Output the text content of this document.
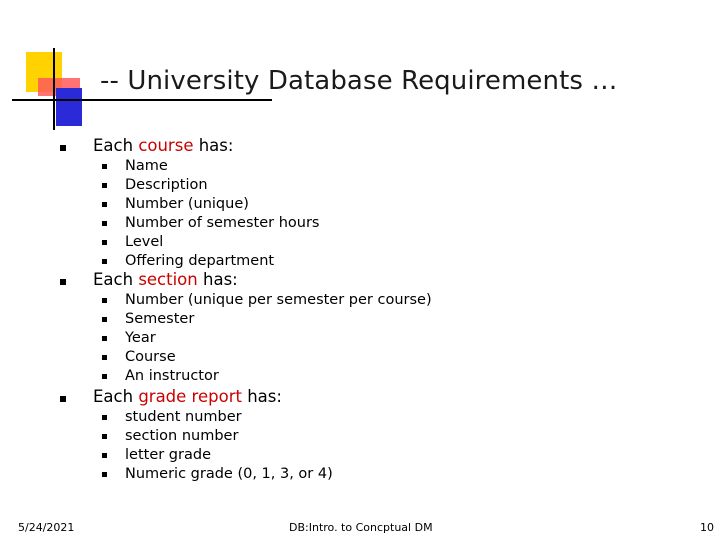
-- University Database Requirements …
Each course has:
Name
Description
Number (unique)
Number of semester hours
Level
Offering department
Each section has:
Number (unique per semester per course)
Semester
Year
Course
An instructor
Each grade report has:
student number
section number
letter grade
Numeric grade (0, 1, 3, or 4)
5/24/2021	DB:Intro. to Concptual DM	10
